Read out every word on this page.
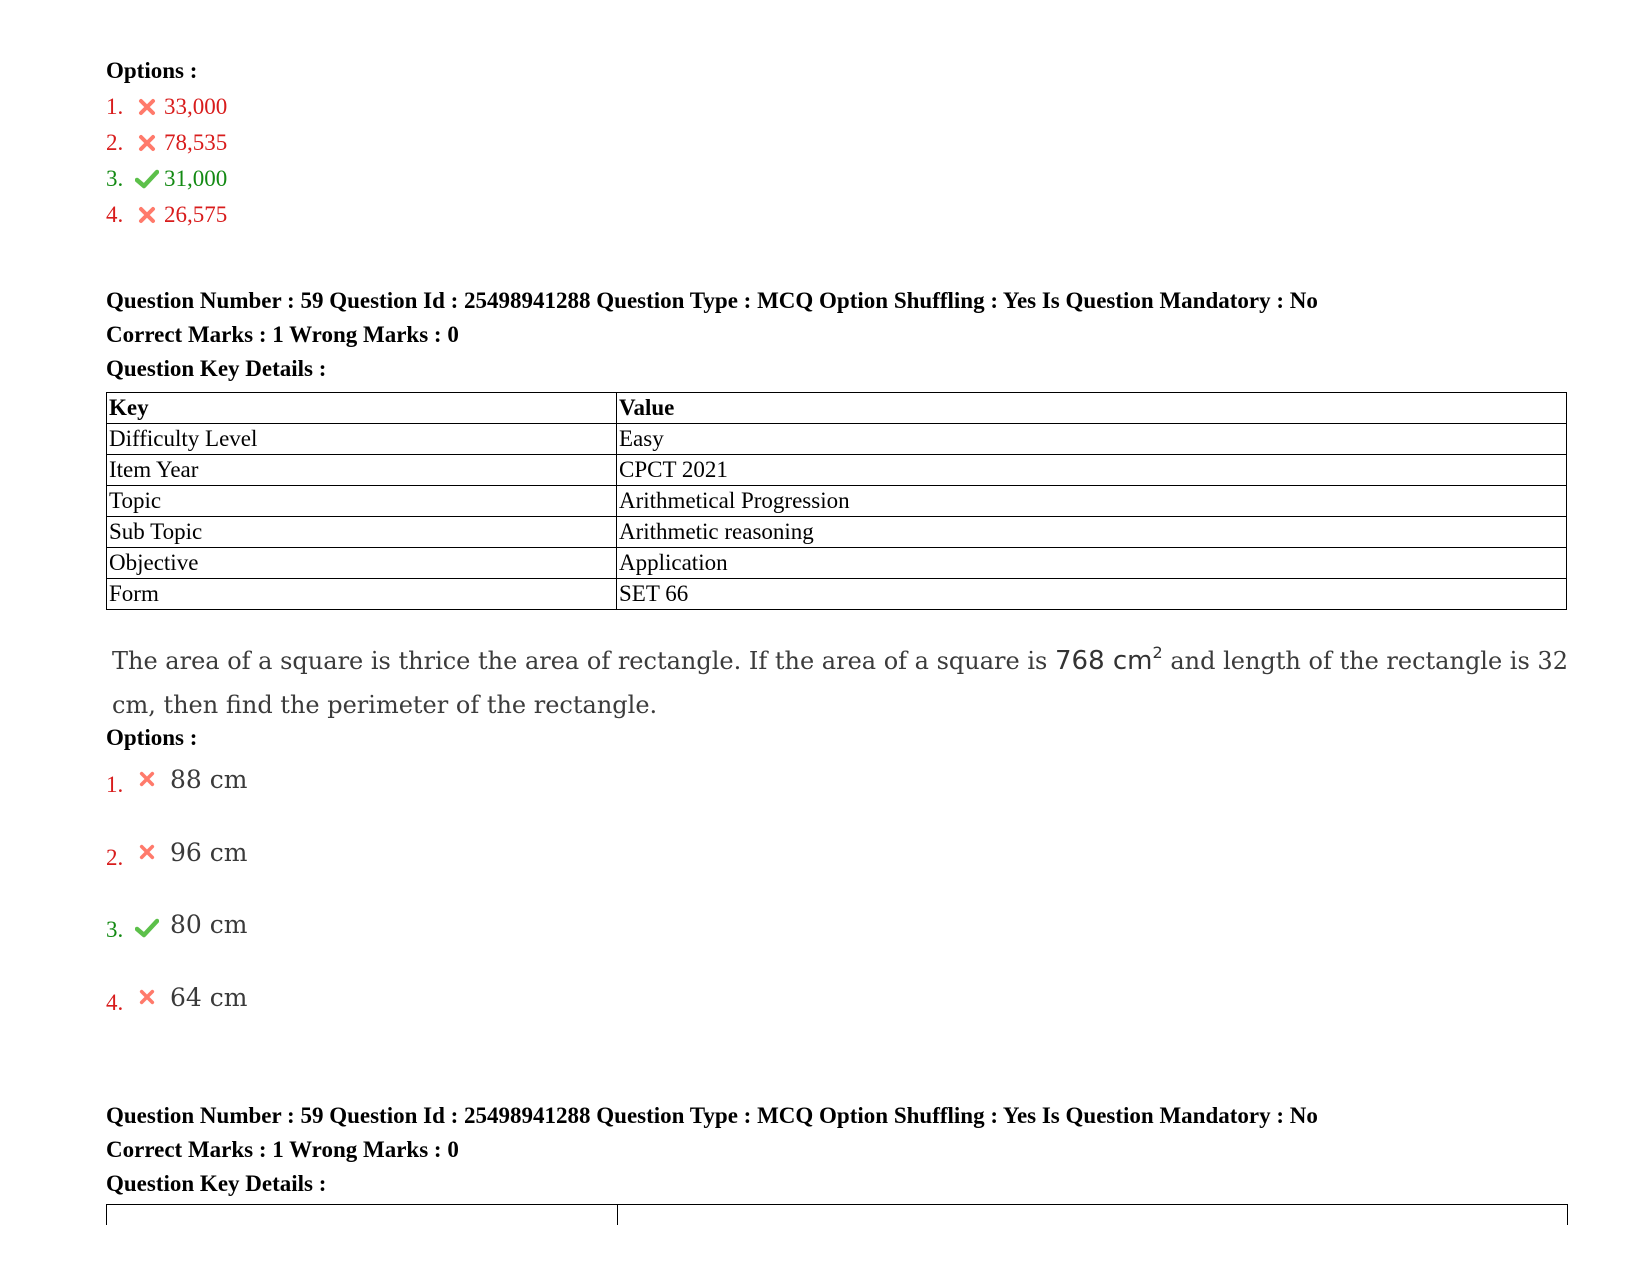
Options :
1.	33,000
2.	78,535
3.	31,000
4.	26,575
Question Number : 59 Question Id : 25498941288 Question Type : MCQ Option Shuffling : Yes Is Question Mandatory : No
Correct Marks : 1 Wrong Marks : 0
Question Key Details :
Key	Value
Difficulty Level	Easy
Item Year	CPCT 2021
Topic	Arithmetical Progression
Sub Topic	Arithmetic reasoning
Objective	Application
Form	SET 66
The area of a square is thrice the area of rectangle. If the area of a square is 768 $cm^2$ and length of the rectangle is 32
cm, then find the perimeter of the rectangle.
Options :
1.	88 cm
2.	96 cm
3.	80 cm
4.	64 cm
Question Number : 59 Question Id : 25498941288 Question Type : MCQ Option Shuffling : Yes Is Question Mandatory : No
Correct Marks : 1 Wrong Marks : 0
Question Key Details :
